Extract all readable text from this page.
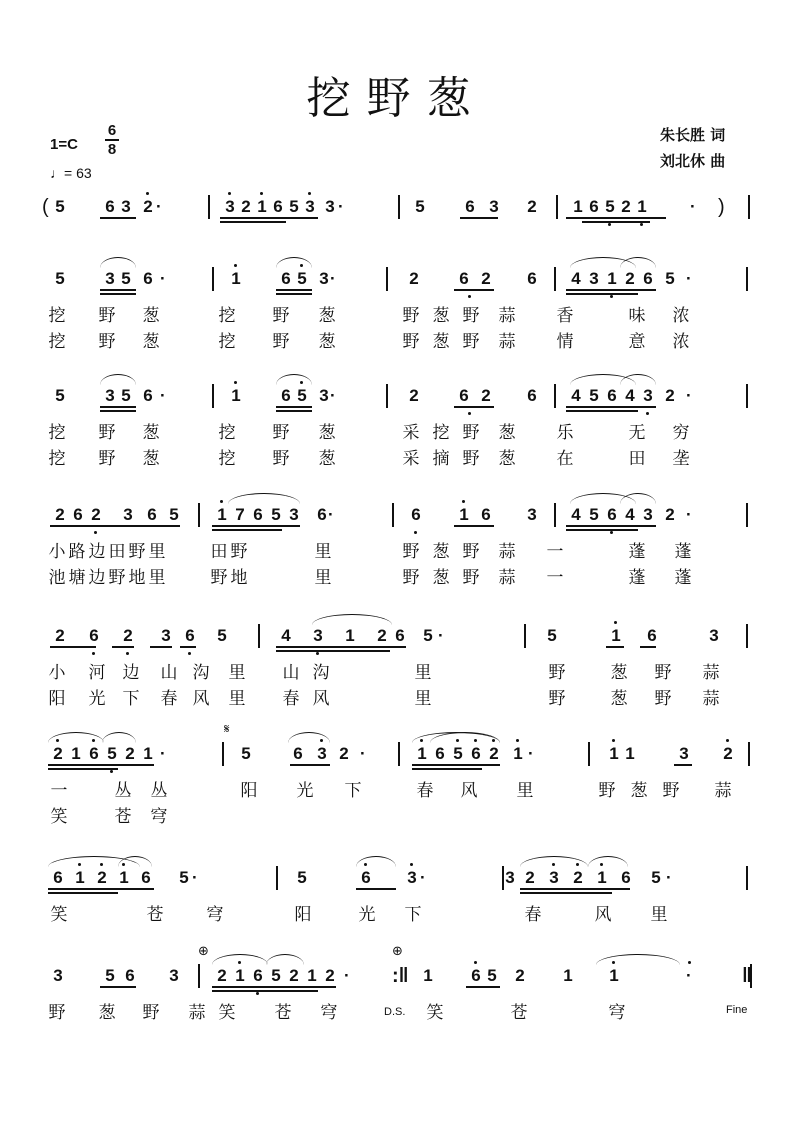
挖野葱
1=C
6
8
♩= 63
朱长胜 词
刘北休 曲
5 6 3 2	3 2 1 6 5 3 3	5 6 3 2 1 6 5 2 1
·	·	·
5 3 5 6	1 6 5 3	2 6 2 6 4 3 1 2 6 5
·	·	·
挖 野 葱	挖 野 葱	野 葱 野 蒜 香	味 浓
挖 野 葱	挖 野 葱	野 葱 野 蒜 情	意 浓
5 3 5 6	1 6 5 3	2 6 2 6 4 5 6 4 3 2
·	·	·
挖 野 葱	挖 野 葱	采 挖 野 葱 乐	无 穷
挖 野 葱	挖 野 葱	采 摘 野 葱 在	田 垄
2 6 2 3 6 5 1 7 6 5 3 6	6 1 6 3 4 5 6 4 3 2
·	·
小 路 边 田 野 里	田 野	里	野 葱 野 蒜 一	蓬 蓬
池 塘 边 野 地 里	野 地	里	野 葱 野 蒜 一	蓬 蓬
2 6 2 3 6 5	4 3 1 2 6 5	5	1 6	3
·
小 河 边 山 沟 里 山 沟	里	野	葱 野 蒜
阳 光 下 春 风 里 春 风	里	野	葱 野 蒜
2 1 6 5 2 1	5	6 3 2	1 6 5 6 2 1	1	3 2
1
·	·	·
一	丛 丛	阳 光 下	春 风 里	野 葱 野 蒜
笑	苍 穹
6 1 2 1 6 5	5	6 3	2 3 2 1 6 5
3
·	·	·
笑	苍	穹	阳	光 下	春	风 里
3	5 6 3 2 1 6 5 2 1 2	1 6 5 2 1 1
·	·
野 葱 野 蒜 笑 苍 穹	笑	苍	穹
(	)
𝄋
⊕	⊕
:‖	‖
D.S.	Fine
